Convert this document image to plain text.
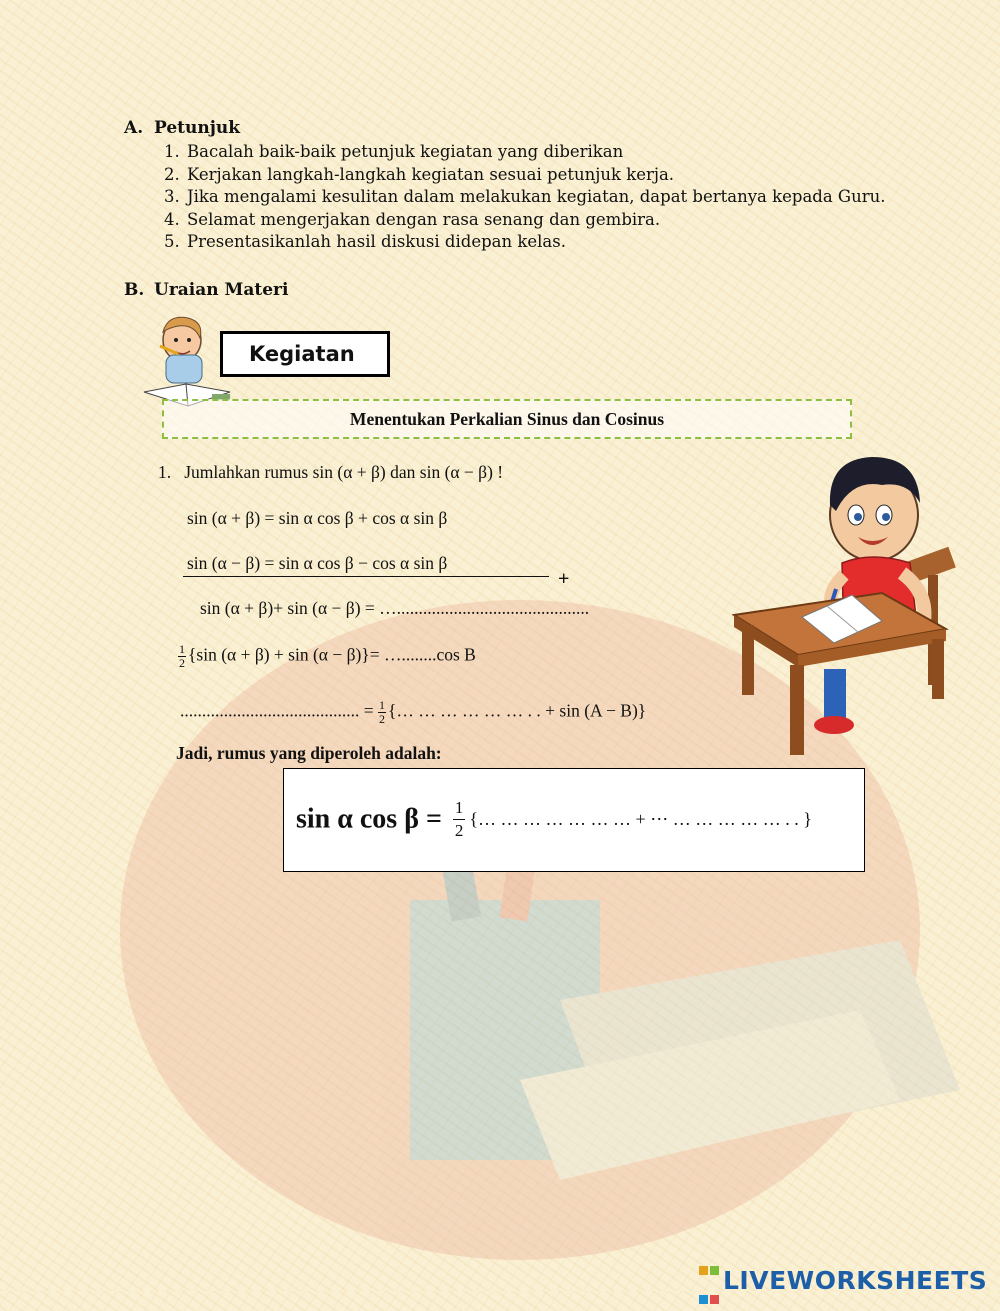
A. Petunjuk
1. Bacalah baik-baik petunjuk kegiatan yang diberikan
2. Kerjakan langkah-langkah kegiatan sesuai petunjuk kerja.
3. Jika mengalami kesulitan dalam melakukan kegiatan, dapat bertanya kepada Guru.
4. Selamat mengerjakan dengan rasa senang dan gembira.
5. Presentasikanlah hasil diskusi didepan kelas.
B. Uraian Materi
Kegiatan
Menentukan Perkalian Sinus dan Cosinus
1. Jumlahkan rumus sin (α + β) dan sin (α − β) !
sin (α + β) = sin α cos β + cos α sin β
sin (α − β) = sin α cos β − cos α sin β
+
sin (α + β)+ sin (α − β) = …............................................
$\frac{1}{2} \{\sin$ (α + β) + sin (α − β)}= …........cos B
......................................... = $\frac{1}{2}$ {… … … … … … . . + sin (A − B)}
Jadi, rumus yang diperoleh adalah:
sin α $\cos \beta = \frac{1}{2}$ {… … … … … … … + ⋯ … … … … … . . }

LIVEWORKSHEETS
